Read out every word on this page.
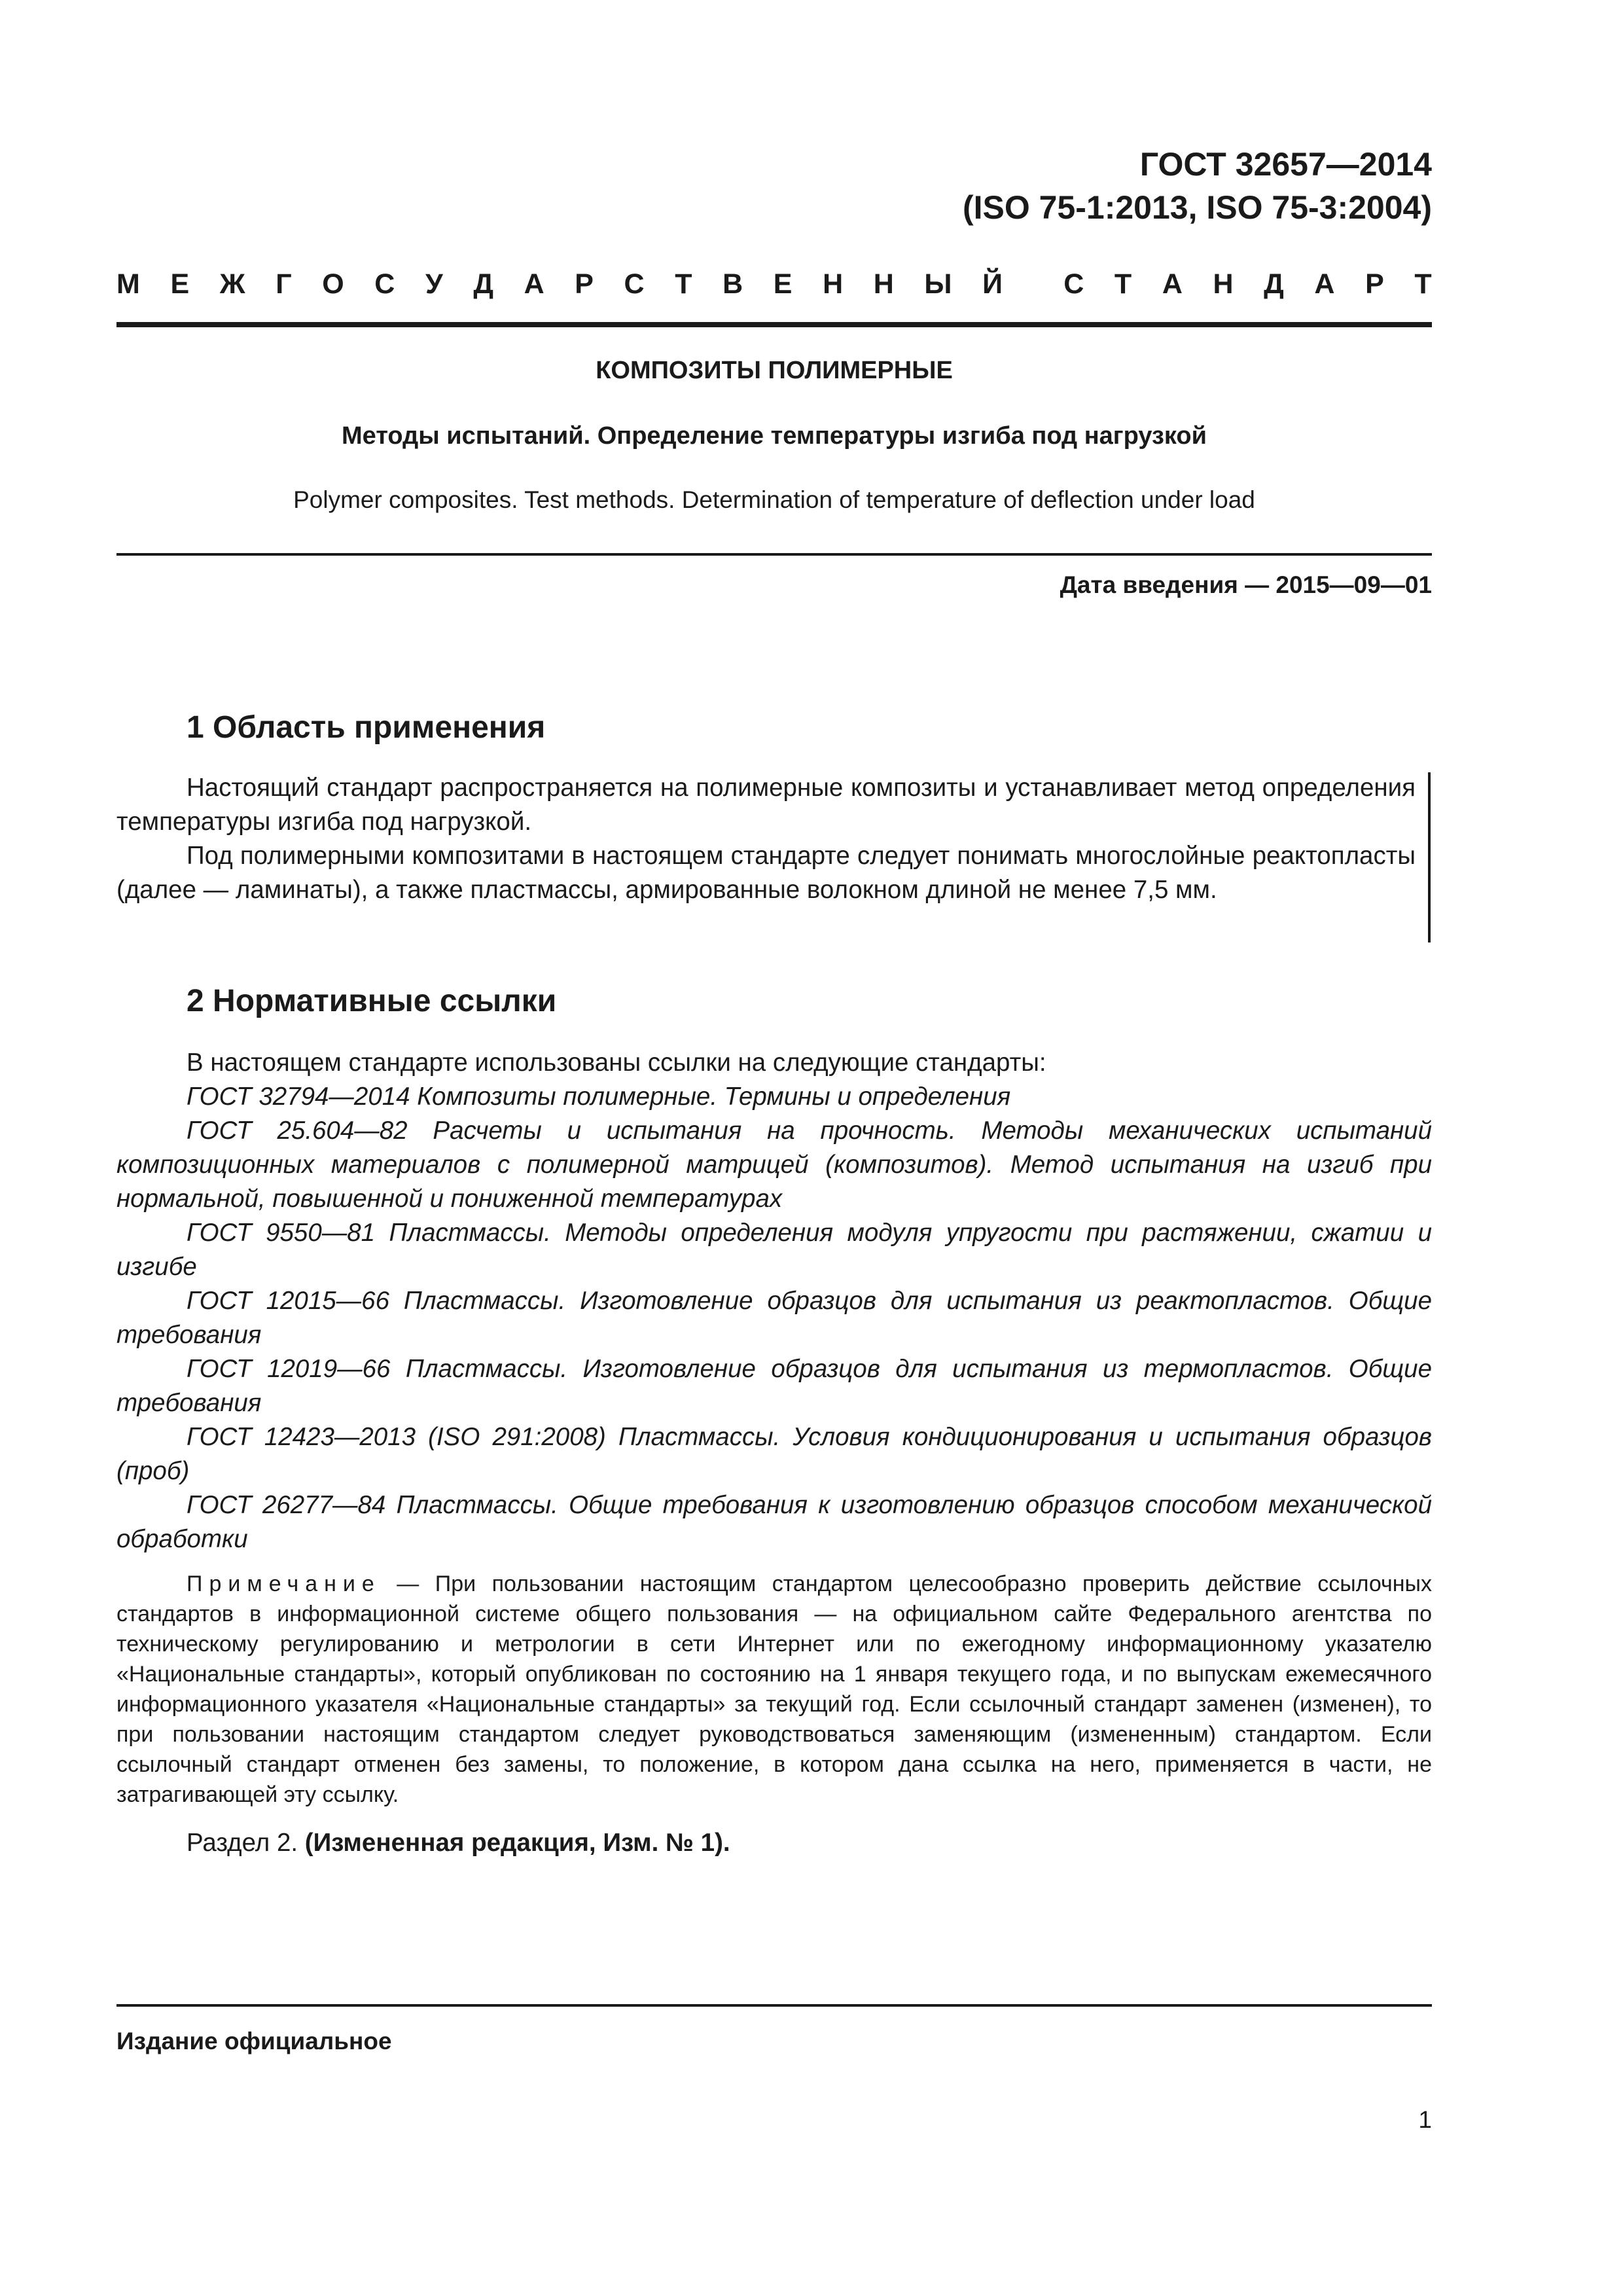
ГОСТ 32657—2014
(ISO 75-1:2013, ISO 75-3:2004)
М Е Ж Г О С У Д А Р С Т В Е Н Н Ы Й С Т А Н Д А Р Т
КОМПОЗИТЫ ПОЛИМЕРНЫЕ
Методы испытаний. Определение температуры изгиба под нагрузкой
Polymer composites. Test methods. Determination of temperature of deflection under load
Дата введения — 2015—09—01
1 Область применения

Настоящий стандарт распространяется на полимерные композиты и устанавливает метод определения температуры изгиба под нагрузкой.

Под полимерными композитами в настоящем стандарте следует понимать многослойные реактопласты (далее — ламинаты), а также пластмассы, армированные волокном длиной не менее 7,5 мм.

2 Нормативные ссылки

В настоящем стандарте использованы ссылки на следующие стандарты:

ГОСТ 32794—2014 Композиты полимерные. Термины и определения

ГОСТ 25.604—82 Расчеты и испытания на прочность. Методы механических испытаний композиционных материалов с полимерной матрицей (композитов). Метод испытания на изгиб при нормальной, повышенной и пониженной температурах

ГОСТ 9550—81 Пластмассы. Методы определения модуля упругости при растяжении, сжатии и изгибе

ГОСТ 12015—66 Пластмассы. Изготовление образцов для испытания из реактопластов. Общие требования

ГОСТ 12019—66 Пластмассы. Изготовление образцов для испытания из термопластов. Общие требования

ГОСТ 12423—2013 (ISO 291:2008) Пластмассы. Условия кондиционирования и испытания образцов (проб)

ГОСТ 26277—84 Пластмассы. Общие требования к изготовлению образцов способом механической обработки

Примечание — При пользовании настоящим стандартом целесообразно проверить действие ссылочных стандартов в информационной системе общего пользования — на официальном сайте Федерального агентства по техническому регулированию и метрологии в сети Интернет или по ежегодному информационному указателю «Национальные стандарты», который опубликован по состоянию на 1 января текущего года, и по выпускам ежемесячного информационного указателя «Национальные стандарты» за текущий год. Если ссылочный стандарт заменен (изменен), то при пользовании настоящим стандартом следует руководствоваться заменяющим (измененным) стандартом. Если ссылочный стандарт отменен без замены, то положение, в котором дана ссылка на него, применяется в части, не затрагивающей эту ссылку.

Раздел 2. (Измененная редакция, Изм. № 1).

Издание официальное
1
